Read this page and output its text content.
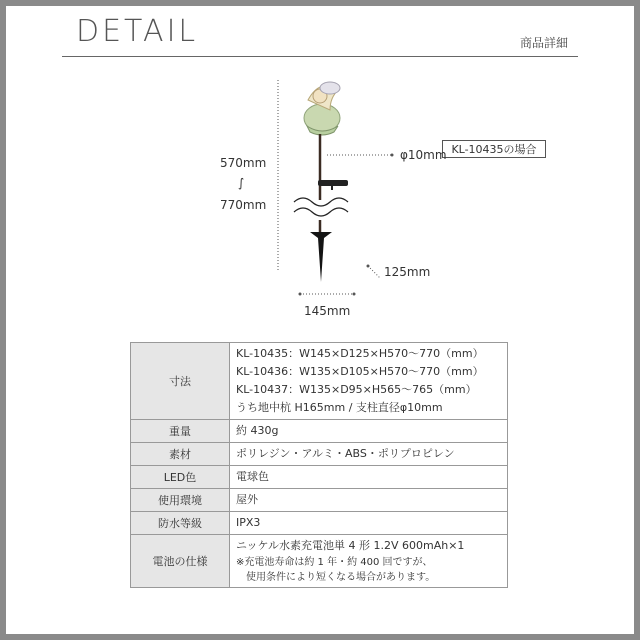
DETAIL	商品詳細
KL-10435の場合
570mm
∫
770mm
φ10mm
125mm
145mm
寸法	KL-10435：W145×D125×H570〜770（mm）
KL-10436：W135×D105×H570〜770（mm）
KL-10437：W135×D95×H565〜765（mm）
うち地中杭 H165mm / 支柱直径φ10mm

重量	約 430g

素材	ポリレジン・アルミ・ABS・ポリプロピレン

LED色	電球色

使用環境	屋外

防水等級	IPX3

電池の仕様	ニッケル水素充電池単 4 形 1.2V 600mAh×1
※充電池寿命は約 1 年・約 400 回ですが、
使用条件により短くなる場合があります。
